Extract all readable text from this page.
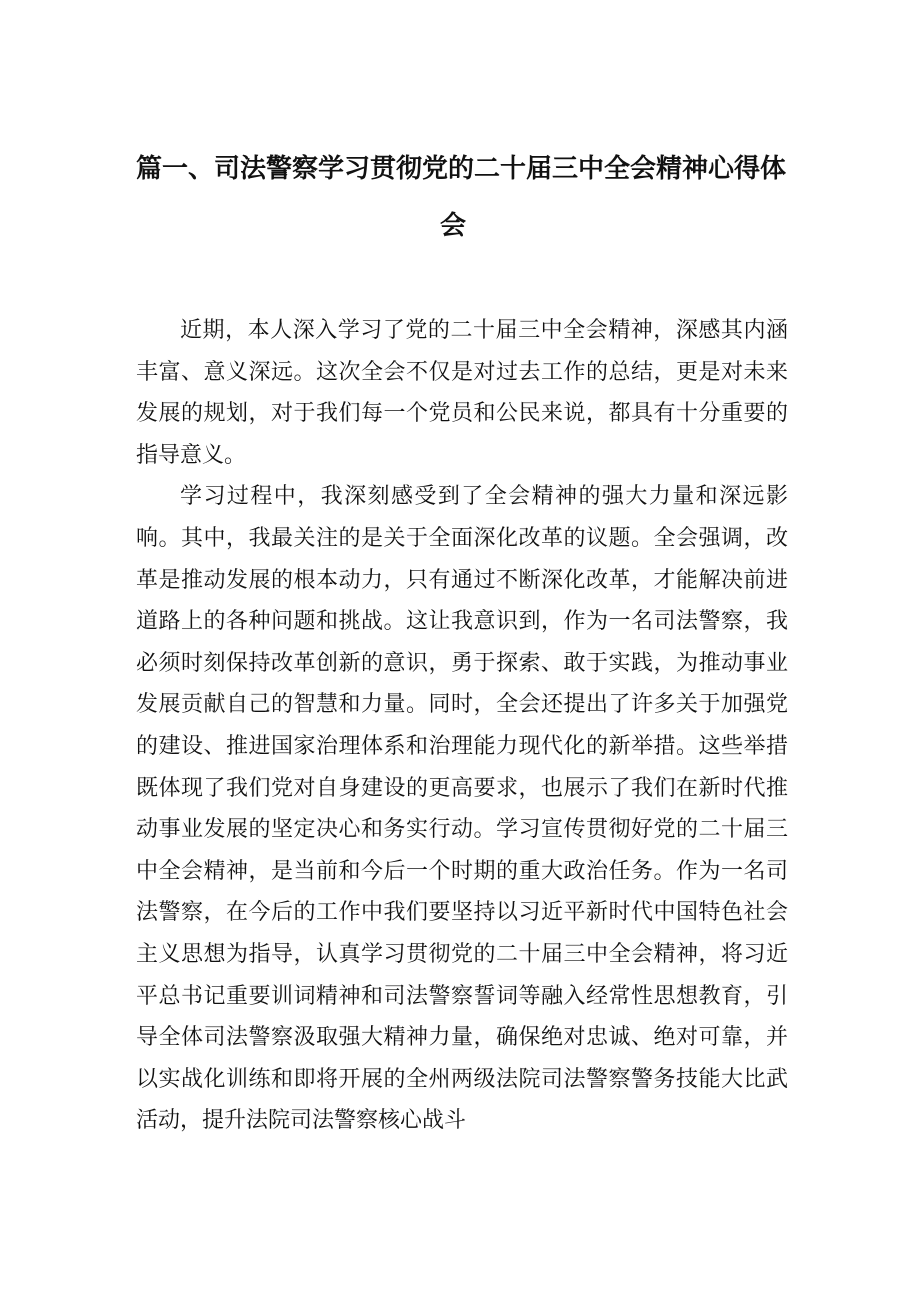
篇一、司法警察学习贯彻党的二十届三中全会精神心得体
会

近期，本人深入学习了党的二十届三中全会精神，深感其内涵丰富、意义深远。这次全会不仅是对过去工作的总结，更是对未来发展的规划，对于我们每一个党员和公民来说，都具有十分重要的指导意义。

学习过程中，我深刻感受到了全会精神的强大力量和深远影响。其中，我最关注的是关于全面深化改革的议题。全会强调，改革是推动发展的根本动力，只有通过不断深化改革，才能解决前进道路上的各种问题和挑战。这让我意识到，作为一名司法警察，我必须时刻保持改革创新的意识，勇于探索、敢于实践，为推动事业发展贡献自己的智慧和力量。同时，全会还提出了许多关于加强党的建设、推进国家治理体系和治理能力现代化的新举措。这些举措既体现了我们党对自身建设的更高要求，也展示了我们在新时代推动事业发展的坚定决心和务实行动。学习宣传贯彻好党的二十届三中全会精神，是当前和今后一个时期的重大政治任务。作为一名司法警察，在今后的工作中我们要坚持以习近平新时代中国特色社会主义思想为指导，认真学习贯彻党的二十届三中全会精神，将习近平总书记重要训词精神和司法警察誓词等融入经常性思想教育，引导全体司法警察汲取强大精神力量，确保绝对忠诚、绝对可靠，并以实战化训练和即将开展的全州两级法院司法警察警务技能大比武活动，提升法院司法警察核心战斗
